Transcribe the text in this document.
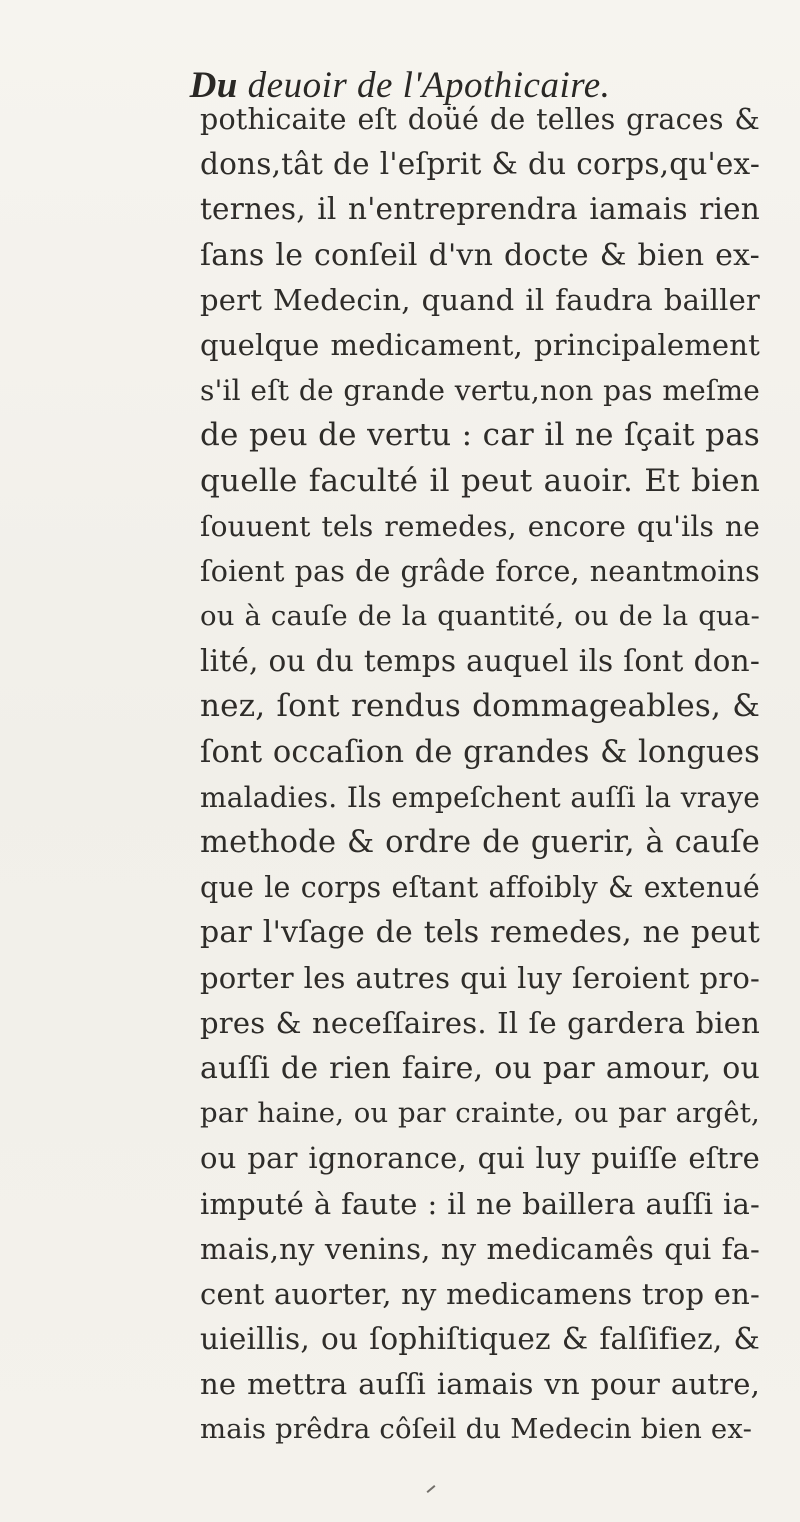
Du deuoir de l'Apothicaire.
pothicaite eſt doüé de telles graces &
dons,tât de l'eſprit & du corps,qu'ex-
ternes, il n'entreprendra iamais rien
ſans le conſeil d'vn docte & bien ex-
pert Medecin, quand il faudra bailler
quelque medicament, principalement
s'il eſt de grande vertu,non pas meſme
de peu de vertu : car il ne ſçait pas
quelle faculté il peut auoir. Et bien
ſouuent tels remedes, encore qu'ils ne
ſoient pas de grâde force, neantmoins
ou à cauſe de la quantité, ou de la qua-
lité, ou du temps auquel ils ſont don-
nez, ſont rendus dommageables, &
ſont occaſion de grandes & longues
maladies. Ils empeſchent auſſi la vraye
methode & ordre de guerir, à cauſe
que le corps eſtant affoibly & extenué
par l'vſage de tels remedes, ne peut
porter les autres qui luy ſeroient pro-
pres & neceſſaires. Il ſe gardera bien
auſſi de rien faire, ou par amour, ou
par haine, ou par crainte, ou par argêt,
ou par ignorance, qui luy puiſſe eſtre
imputé à faute : il ne baillera auſſi ia-
mais,ny venins, ny medicamês qui fa-
cent auorter, ny medicamens trop en-
uieillis, ou ſophiſtiquez & falſifiez, &
ne mettra auſſi iamais vn pour autre,
mais prêdra côſeil du Medecin bien ex-
